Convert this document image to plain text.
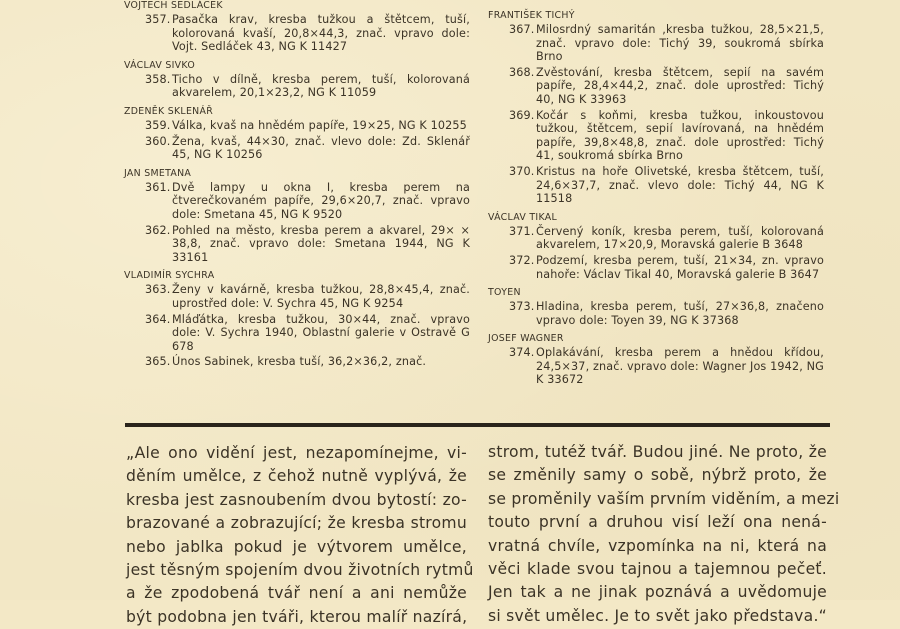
VOJTECH SEDLÁČEK
357. Pasačka krav, kresba tužkou a štětcem, tuší, kolorovaná kvaší, 20,8×44,3, znač. vpravo dole: Vojt. Sedláček 43, NG K 11427
VÁCLAV SIVKO
358. Ticho v dílně, kresba perem, tuší, kolorovaná akvarelem, 20,1×23,2, NG K 11059
ZDENĚK SKLENÁŘ
359. Válka, kvaš na hnědém papíře, 19×25, NG K 10255
360. Žena, kvaš, 44×30, znač. vlevo dole: Zd. Sklenář 45, NG K 10256
JAN SMETANA
361. Dvě lampy u okna I, kresba perem na čtverečkovaném papíře, 29,6×20,7, znač. vpravo dole: Smetana 45, NG K 9520
362. Pohled na město, kresba perem a akvarel, 29× × 38,8, znač. vpravo dole: Smetana 1944, NG K 33161
VLADIMÍR SYCHRA
363. Ženy v kavárně, kresba tužkou, 28,8×45,4, znač. uprostřed dole: V. Sychra 45, NG K 9254
364. Mláďátka, kresba tužkou, 30×44, znač. vpravo dole: V. Sychra 1940, Oblastní galerie v Ostravě G 678
365. Únos Sabinek, kresba tuší, 36,2×36,2, znač.
FRANTIŠEK TICHÝ
367. Milosrdný samaritán ,kresba tužkou, 28,5×21,5, znač. vpravo dole: Tichý 39, soukromá sbírka Brno
368. Zvěstování, kresba štětcem, sepií na savém papíře, 28,4×44,2, znač. dole uprostřed: Tichý 40, NG K 33963
369. Kočár s koňmi, kresba tužkou, inkoustovou tužkou, štětcem, sepií lavírovaná, na hnědém papíře, 39,8×48,8, znač. dole uprostřed: Tichý 41, soukromá sbírka Brno
370. Kristus na hoře Olivetské, kresba štětcem, tuší, 24,6×37,7, znač. vlevo dole: Tichý 44, NG K 11518
VÁCLAV TIKAL
371. Červený koník, kresba perem, tuší, kolorovaná akvarelem, 17×20,9, Moravská galerie B 3648
372. Podzemí, kresba perem, tuší, 21×34, zn. vpravo nahoře: Václav Tikal 40, Moravská galerie B 3647
TOYEN
373. Hladina, kresba perem, tuší, 27×36,8, značeno vpravo dole: Toyen 39, NG K 37368
JOSEF WAGNER
374. Oplakávání, kresba perem a hnědou křídou, 24,5×37, znač. vpravo dole: Wagner Jos 1942, NG K 33672
„Ale ono vidění jest, nezapomínejme, vi-
děním umělce, z čehož nutně vyplývá, že
kresba jest zasnoubením dvou bytostí: zo-
brazované a zobrazující; že kresba stromu
nebo jablka pokud je výtvorem umělce,
jest těsným spojením dvou životních rytmů
a že zpodobená tvář není a ani nemůže
být podobna jen tváři, kterou malíř nazírá,
strom, tutéž tvář. Budou jiné. Ne proto, že
se změnily samy o sobě, nýbrž proto, že
se proměnily vaším prvním viděním, a mezi
touto první a druhou visí leží ona nená-
vratná chvíle, vzpomínka na ni, která na
věci klade svou tajnou a tajemnou pečeť.
Jen tak a ne jinak poznává a uvědomuje
si svět umělec. Je to svět jako představa.“
